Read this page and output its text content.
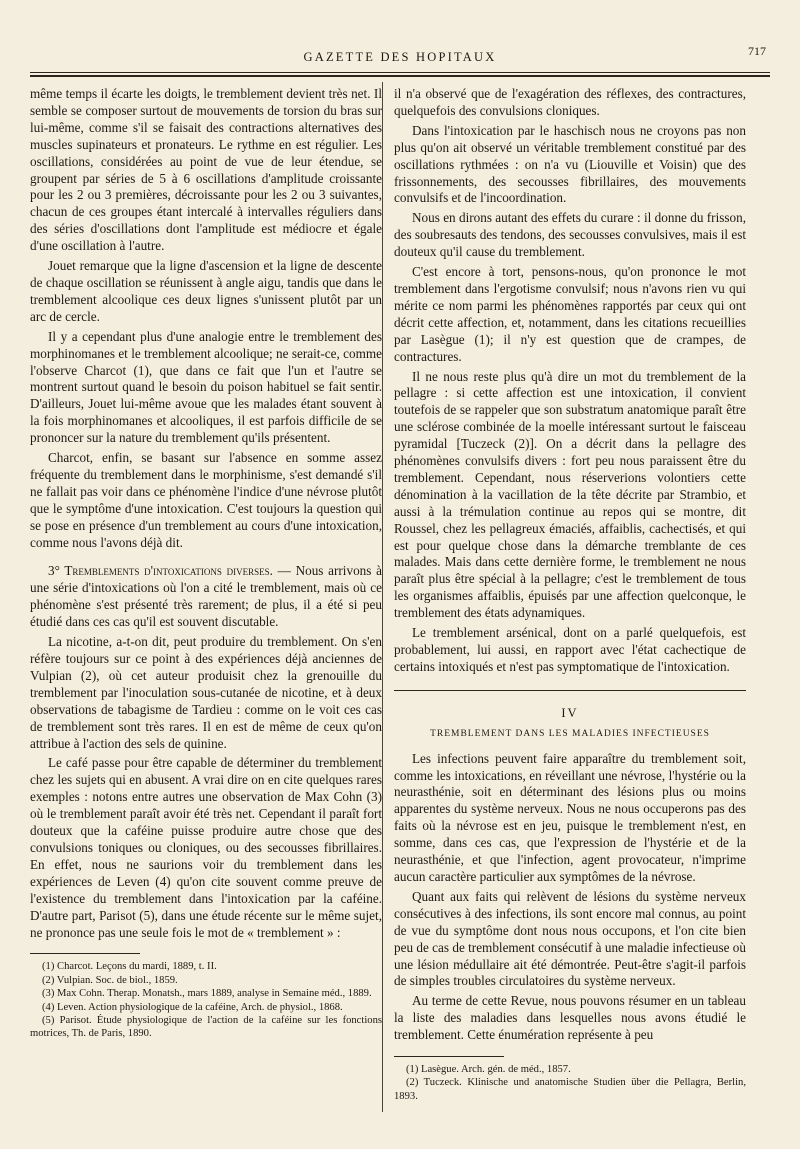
GAZETTE DES HOPITAUX	717

même temps il écarte les doigts, le tremblement devient très net. Il semble se composer surtout de mouvements de torsion du bras sur lui-même, comme s'il se faisait des contractions alternatives des muscles supinateurs et pronateurs. Le rythme en est régulier. Les oscillations, considérées au point de vue de leur étendue, se groupent par séries de 5 à 6 oscillations d'amplitude croissante pour les 2 ou 3 premières, décroissante pour les 2 ou 3 suivantes, chacun de ces groupes étant intercalé à intervalles réguliers dans des séries d'oscillations dont l'amplitude est médiocre et égale d'une oscillation à l'autre.

Jouet remarque que la ligne d'ascension et la ligne de descente de chaque oscillation se réunissent à angle aigu, tandis que dans le tremblement alcoolique ces deux lignes s'unissent plutôt par un arc de cercle.

Il y a cependant plus d'une analogie entre le tremblement des morphinomanes et le tremblement alcoolique; ne serait-ce, comme l'observe Charcot (1), que dans ce fait que l'un et l'autre se montrent surtout quand le besoin du poison habituel se fait sentir. D'ailleurs, Jouet lui-même avoue que les malades étant souvent à la fois morphinomanes et alcooliques, il est parfois difficile de se prononcer sur la nature du tremblement qu'ils présentent.

Charcot, enfin, se basant sur l'absence en somme assez fréquente du tremblement dans le morphinisme, s'est demandé s'il ne fallait pas voir dans ce phénomène l'indice d'une névrose plutôt que le symptôme d'une intoxication. C'est toujours la question qui se pose en présence d'un tremblement au cours d'une intoxication, comme nous l'avons déjà dit.

3° Tremblements d'intoxications diverses. — Nous arrivons à une série d'intoxications où l'on a cité le tremblement, mais où ce phénomène s'est présenté très rarement; de plus, il a été si peu étudié dans ces cas qu'il est souvent discutable.

La nicotine, a-t-on dit, peut produire du tremblement. On s'en réfère toujours sur ce point à des expériences déjà anciennes de Vulpian (2), où cet auteur produisit chez la grenouille du tremblement par l'inoculation sous-cutanée de nicotine, et à deux observations de tabagisme de Tardieu : comme on le voit ces cas de tremblement sont très rares. Il en est de même de ceux qu'on attribue à l'action des sels de quinine.

Le café passe pour être capable de déterminer du tremblement chez les sujets qui en abusent. A vrai dire on en cite quelques rares exemples : notons entre autres une observation de Max Cohn (3) où le tremblement paraît avoir été très net. Cependant il paraît fort douteux que la caféine puisse produire autre chose que des convulsions toniques ou cloniques, ou des secousses fibrillaires. En effet, nous ne saurions voir du tremblement dans les expériences de Leven (4) qu'on cite souvent comme preuve de l'existence du tremblement dans l'intoxication par la caféine. D'autre part, Parisot (5), dans une étude récente sur le même sujet, ne prononce pas une seule fois le mot de « tremblement » :

(1) Charcot. Leçons du mardi, 1889, t. II.
(2) Vulpian. Soc. de biol., 1859.
(3) Max Cohn. Therap. Monatsh., mars 1889, analyse in Semaine méd., 1889.
(4) Leven. Action physiologique de la caféine, Arch. de physiol., 1868.
(5) Parisot. Étude physiologique de l'action de la caféine sur les fonctions motrices, Th. de Paris, 1890.

il n'a observé que de l'exagération des réflexes, des contractures, quelquefois des convulsions cloniques.

Dans l'intoxication par le haschisch nous ne croyons pas non plus qu'on ait observé un véritable tremblement constitué par des oscillations rythmées : on n'a vu (Liouville et Voisin) que des frissonnements, des secousses fibrillaires, des mouvements convulsifs et de l'incoordination.

Nous en dirons autant des effets du curare : il donne du frisson, des soubresauts des tendons, des secousses convulsives, mais il est douteux qu'il cause du tremblement.

C'est encore à tort, pensons-nous, qu'on prononce le mot tremblement dans l'ergotisme convulsif; nous n'avons rien vu qui mérite ce nom parmi les phénomènes rapportés par ceux qui ont décrit cette affection, et, notamment, dans les citations recueillies par Lasègue (1); il n'y est question que de crampes, de contractures.

Il ne nous reste plus qu'à dire un mot du tremblement de la pellagre : si cette affection est une intoxication, il convient toutefois de se rappeler que son substratum anatomique paraît être une sclérose combinée de la moelle intéressant surtout le faisceau pyramidal [Tuczeck (2)]. On a décrit dans la pellagre des phénomènes convulsifs divers : fort peu nous paraissent être du tremblement. Cependant, nous réserverions volontiers cette dénomination à la vacillation de la tête décrite par Strambio, et aussi à la trémulation continue au repos qui se montre, dit Roussel, chez les pellagreux émaciés, affaiblis, cachectisés, et qui est pour quelque chose dans la démarche tremblante de ces malades. Mais dans cette dernière forme, le tremblement ne nous paraît plus être spécial à la pellagre; c'est le tremblement de tous les organismes affaiblis, épuisés par une affection quelconque, le tremblement des états adynamiques.

Le tremblement arsénical, dont on a parlé quelquefois, est probablement, lui aussi, en rapport avec l'état cachectique de certains intoxiqués et n'est pas symptomatique de l'intoxication.

IV
TREMBLEMENT DANS LES MALADIES INFECTIEUSES

Les infections peuvent faire apparaître du tremblement soit, comme les intoxications, en réveillant une névrose, l'hystérie ou la neurasthénie, soit en déterminant des lésions plus ou moins apparentes du système nerveux. Nous ne nous occuperons pas des faits où la névrose est en jeu, puisque le tremblement n'est, en somme, dans ces cas, que l'expression de l'hystérie et de la neurasthénie, et que l'infection, agent provocateur, n'imprime aucun caractère particulier aux symptômes de la névrose.

Quant aux faits qui relèvent de lésions du système nerveux consécutives à des infections, ils sont encore mal connus, au point de vue du symptôme dont nous nous occupons, et l'on cite bien peu de cas de tremblement consécutif à une maladie infectieuse où une lésion médullaire ait été démontrée. Peut-être s'agit-il parfois de simples troubles circulatoires du système nerveux.

Au terme de cette Revue, nous pouvons résumer en un tableau la liste des maladies dans lesquelles nous avons étudié le tremblement. Cette énumération représente à peu

(1) Lasègue. Arch. gén. de méd., 1857.
(2) Tuczeck. Klinische und anatomische Studien über die Pellagra, Berlin, 1893.
